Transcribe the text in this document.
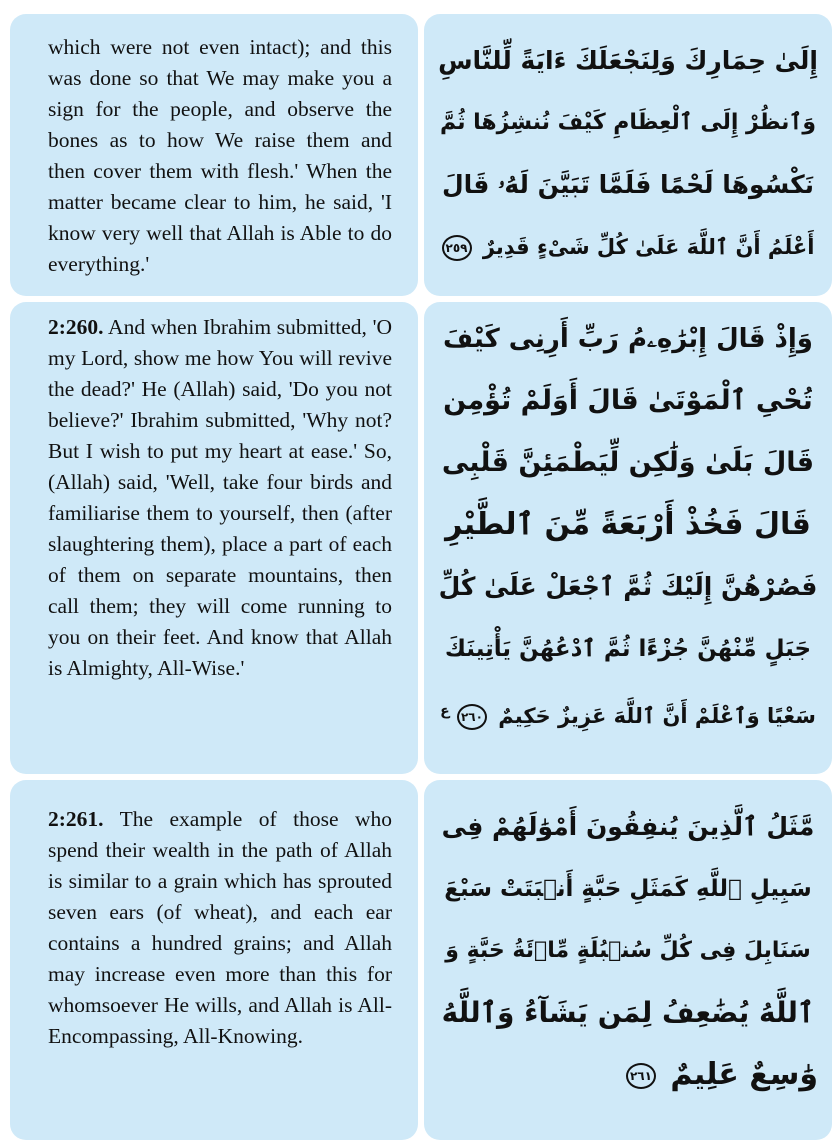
which were not even intact); and this was done so that We may make you a sign for the people, and observe the bones as to how We raise them and then cover them with flesh.' When the matter became clear to him, he said, 'I know very well that Allah is Able to do everything.'
إِلَىٰ حِمَارِكَ وَلِنَجْعَلَكَ ءَايَةً لِّلنَّاسِ
وَٱنظُرْ إِلَى ٱلْعِظَامِ كَيْفَ نُنشِزُهَا ثُمَّ
نَكْسُوهَا لَحْمًا فَلَمَّا تَبَيَّنَ لَهُۥ قَالَ
أَعْلَمُ أَنَّ ٱللَّهَ عَلَىٰ كُلِّ شَىْءٍ قَدِيرٌ ٢٥٩
2:260. And when Ibrahim submitted, 'O my Lord, show me how You will revive the dead?' He (Allah) said, 'Do you not believe?' Ibrahim submitted, 'Why not? But I wish to put my heart at ease.' So, (Allah) said, 'Well, take four birds and familiarise them to yourself, then (after slaughtering them), place a part of each of them on separate mountains, then call them; they will come running to you on their feet. And know that Allah is Almighty, All-Wise.'
وَإِذْ قَالَ إِبْرَٰهِۦمُ رَبِّ أَرِنِى كَيْفَ
تُحْىِ ٱلْمَوْتَىٰ قَالَ أَوَلَمْ تُؤْمِن
قَالَ بَلَىٰ وَلَٰكِن لِّيَطْمَئِنَّ قَلْبِى
قَالَ فَخُذْ أَرْبَعَةً مِّنَ ٱلطَّيْرِ
فَصُرْهُنَّ إِلَيْكَ ثُمَّ ٱجْعَلْ عَلَىٰ كُلِّ
جَبَلٍ مِّنْهُنَّ جُزْءًا ثُمَّ ٱدْعُهُنَّ يَأْتِينَكَ
سَعْيًا وَٱعْلَمْ أَنَّ ٱللَّهَ عَزِيزٌ حَكِيمٌ ٢٦٠ $^ع$
2:261. The example of those who spend their wealth in the path of Allah is similar to a grain which has sprouted seven ears (of wheat), and each ear contains a hundred grains; and Allah may increase even more than this for whomsoever He wills, and Allah is All-Encompassing, All-Knowing.
مَّثَلُ ٱلَّذِينَ يُنفِقُونَ أَمْوَٰلَهُمْ فِى
سَبِيلِ ٱللَّهِ كَمَثَلِ حَبَّةٍ أَنۢبَتَتْ سَبْعَ
سَنَابِلَ فِى كُلِّ سُنۢبُلَةٍ مِّا۟ئَةُ حَبَّةٍ وَ
ٱللَّهُ يُضَٰعِفُ لِمَن يَشَآءُ وَٱللَّهُ
وَٰسِعٌ عَلِيمٌ ٢٦١
